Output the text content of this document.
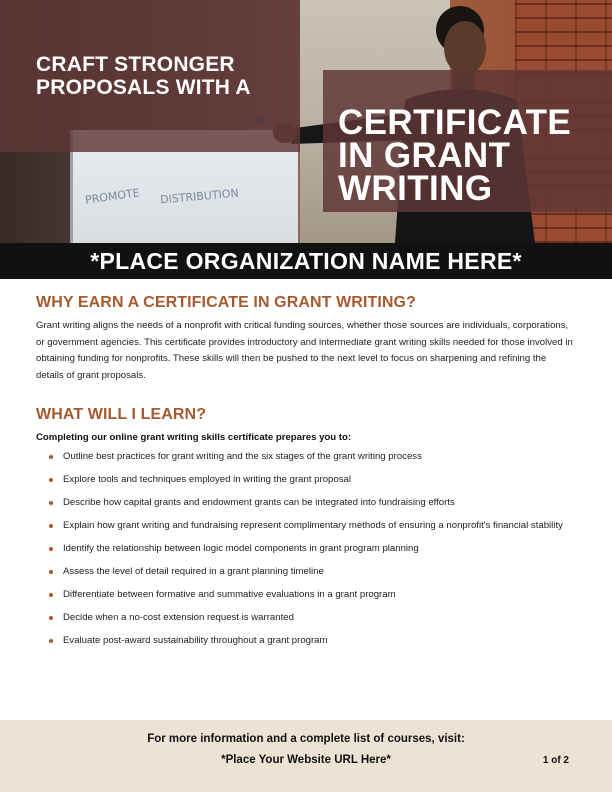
PROMOTE DISTRIBUTION

CRAFT STRONGER PROPOSALS WITH A

CERTIFICATE IN GRANT WRITING
*PLACE ORGANIZATION NAME HERE*
WHY EARN A CERTIFICATE IN GRANT WRITING?

Grant writing aligns the needs of a nonprofit with critical funding sources, whether those sources are individuals, corporations, or government agencies. This certificate provides introductory and intermediate grant writing skills needed for those involved in obtaining funding for nonprofits. These skills will then be pushed to the next level to focus on sharpening and refining the details of grant proposals.

WHAT WILL I LEARN?

Completing our online grant writing skills certificate prepares you to:

Outline best practices for grant writing and the six stages of the grant writing process
Explore tools and techniques employed in writing the grant proposal
Describe how capital grants and endowment grants can be integrated into fundraising efforts
Explain how grant writing and fundraising represent complimentary methods of ensuring a nonprofit's financial stability
Identify the relationship between logic model components in grant program planning
Assess the level of detail required in a grant planning timeline
Differentiate between formative and summative evaluations in a grant program
Decide when a no-cost extension request is warranted
Evaluate post-award sustainability throughout a grant program
For more information and a complete list of courses, visit:
*Place Your Website URL Here*	1 of 2
